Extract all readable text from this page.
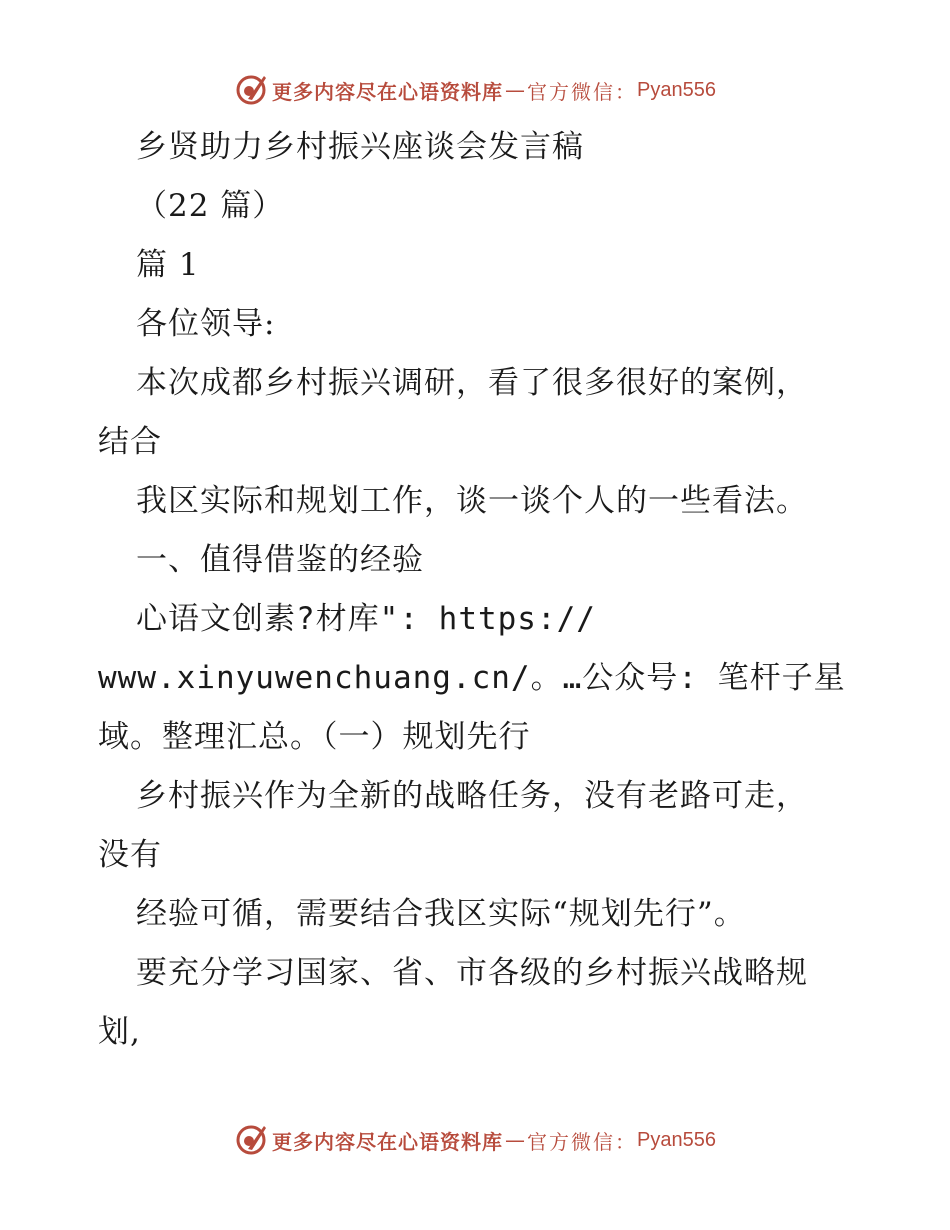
更多内容尽在心语资料库 — 官方微信： Pyan556
乡贤助力乡村振兴座谈会发言稿
（22 篇）
篇 1
各位领导:
本次成都乡村振兴调研，看了很多很好的案例，
结合
我区实际和规划工作，谈一谈个人的一些看法。
一、值得借鉴的经验
心语文创素?材库": https://
www.xinyuwenchuang.cn/。…公众号: 笔杆子星
域。整理汇总。（一）规划先行
乡村振兴作为全新的战略任务，没有老路可走，
没有
经验可循，需要结合我区实际“规划先行”。
要充分学习国家、省、市各级的乡村振兴战略规
划,
更多内容尽在心语资料库 — 官方微信： Pyan556
